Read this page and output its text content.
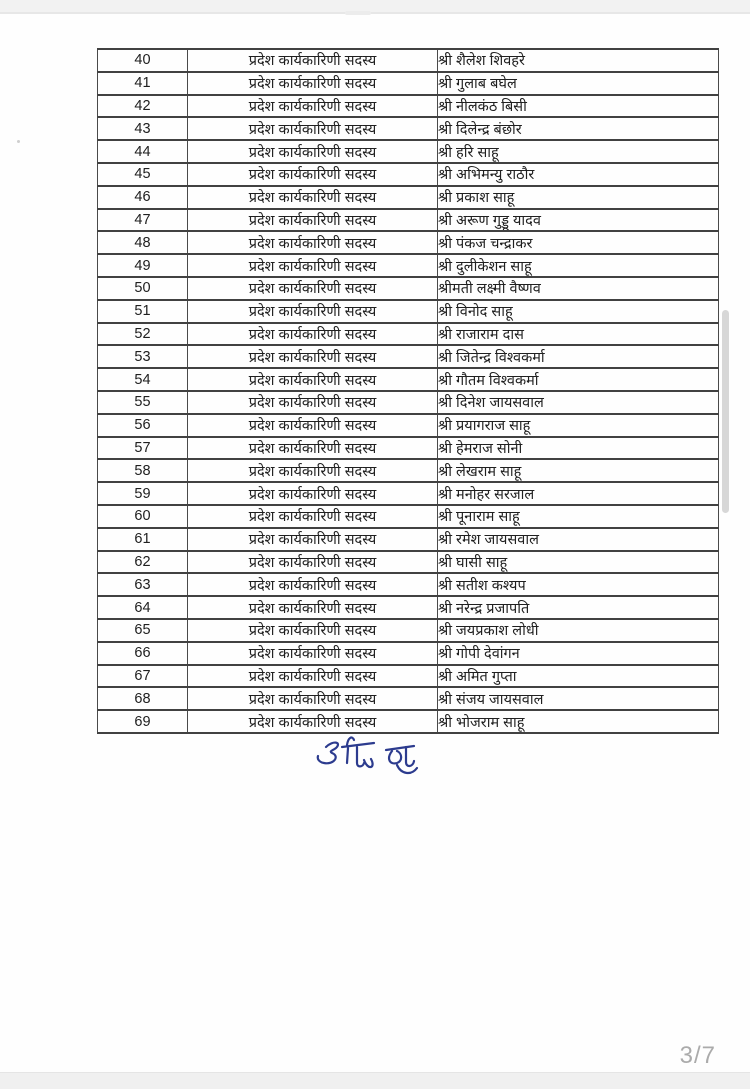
40	प्रदेश कार्यकारिणी सदस्य	श्री शैलेश शिवहरे
41	प्रदेश कार्यकारिणी सदस्य	श्री गुलाब बघेल
42	प्रदेश कार्यकारिणी सदस्य	श्री नीलकंठ बिसी
43	प्रदेश कार्यकारिणी सदस्य	श्री दिलेन्द्र बंछोर
44	प्रदेश कार्यकारिणी सदस्य	श्री हरि साहू
45	प्रदेश कार्यकारिणी सदस्य	श्री अभिमन्यु राठौर
46	प्रदेश कार्यकारिणी सदस्य	श्री प्रकाश साहू
47	प्रदेश कार्यकारिणी सदस्य	श्री अरूण गुड्डू यादव
48	प्रदेश कार्यकारिणी सदस्य	श्री पंकज चन्द्राकर
49	प्रदेश कार्यकारिणी सदस्य	श्री दुलीकेशन साहू
50	प्रदेश कार्यकारिणी सदस्य	श्रीमती लक्ष्मी वैष्णव
51	प्रदेश कार्यकारिणी सदस्य	श्री विनोद साहू
52	प्रदेश कार्यकारिणी सदस्य	श्री राजाराम दास
53	प्रदेश कार्यकारिणी सदस्य	श्री जितेन्द्र विश्वकर्मा
54	प्रदेश कार्यकारिणी सदस्य	श्री गौतम विश्वकर्मा
55	प्रदेश कार्यकारिणी सदस्य	श्री दिनेश जायसवाल
56	प्रदेश कार्यकारिणी सदस्य	श्री प्रयागराज साहू
57	प्रदेश कार्यकारिणी सदस्य	श्री हेमराज सोनी
58	प्रदेश कार्यकारिणी सदस्य	श्री लेखराम साहू
59	प्रदेश कार्यकारिणी सदस्य	श्री मनोहर सरजाल
60	प्रदेश कार्यकारिणी सदस्य	श्री पूनाराम साहू
61	प्रदेश कार्यकारिणी सदस्य	श्री रमेश जायसवाल
62	प्रदेश कार्यकारिणी सदस्य	श्री घासी साहू
63	प्रदेश कार्यकारिणी सदस्य	श्री सतीश कश्यप
64	प्रदेश कार्यकारिणी सदस्य	श्री नरेन्द्र प्रजापति
65	प्रदेश कार्यकारिणी सदस्य	श्री जयप्रकाश लोधी
66	प्रदेश कार्यकारिणी सदस्य	श्री गोपी देवांगन
67	प्रदेश कार्यकारिणी सदस्य	श्री अमित गुप्ता
68	प्रदेश कार्यकारिणी सदस्य	श्री संजय जायसवाल
69	प्रदेश कार्यकारिणी सदस्य	श्री भोजराम साहू
3/7
